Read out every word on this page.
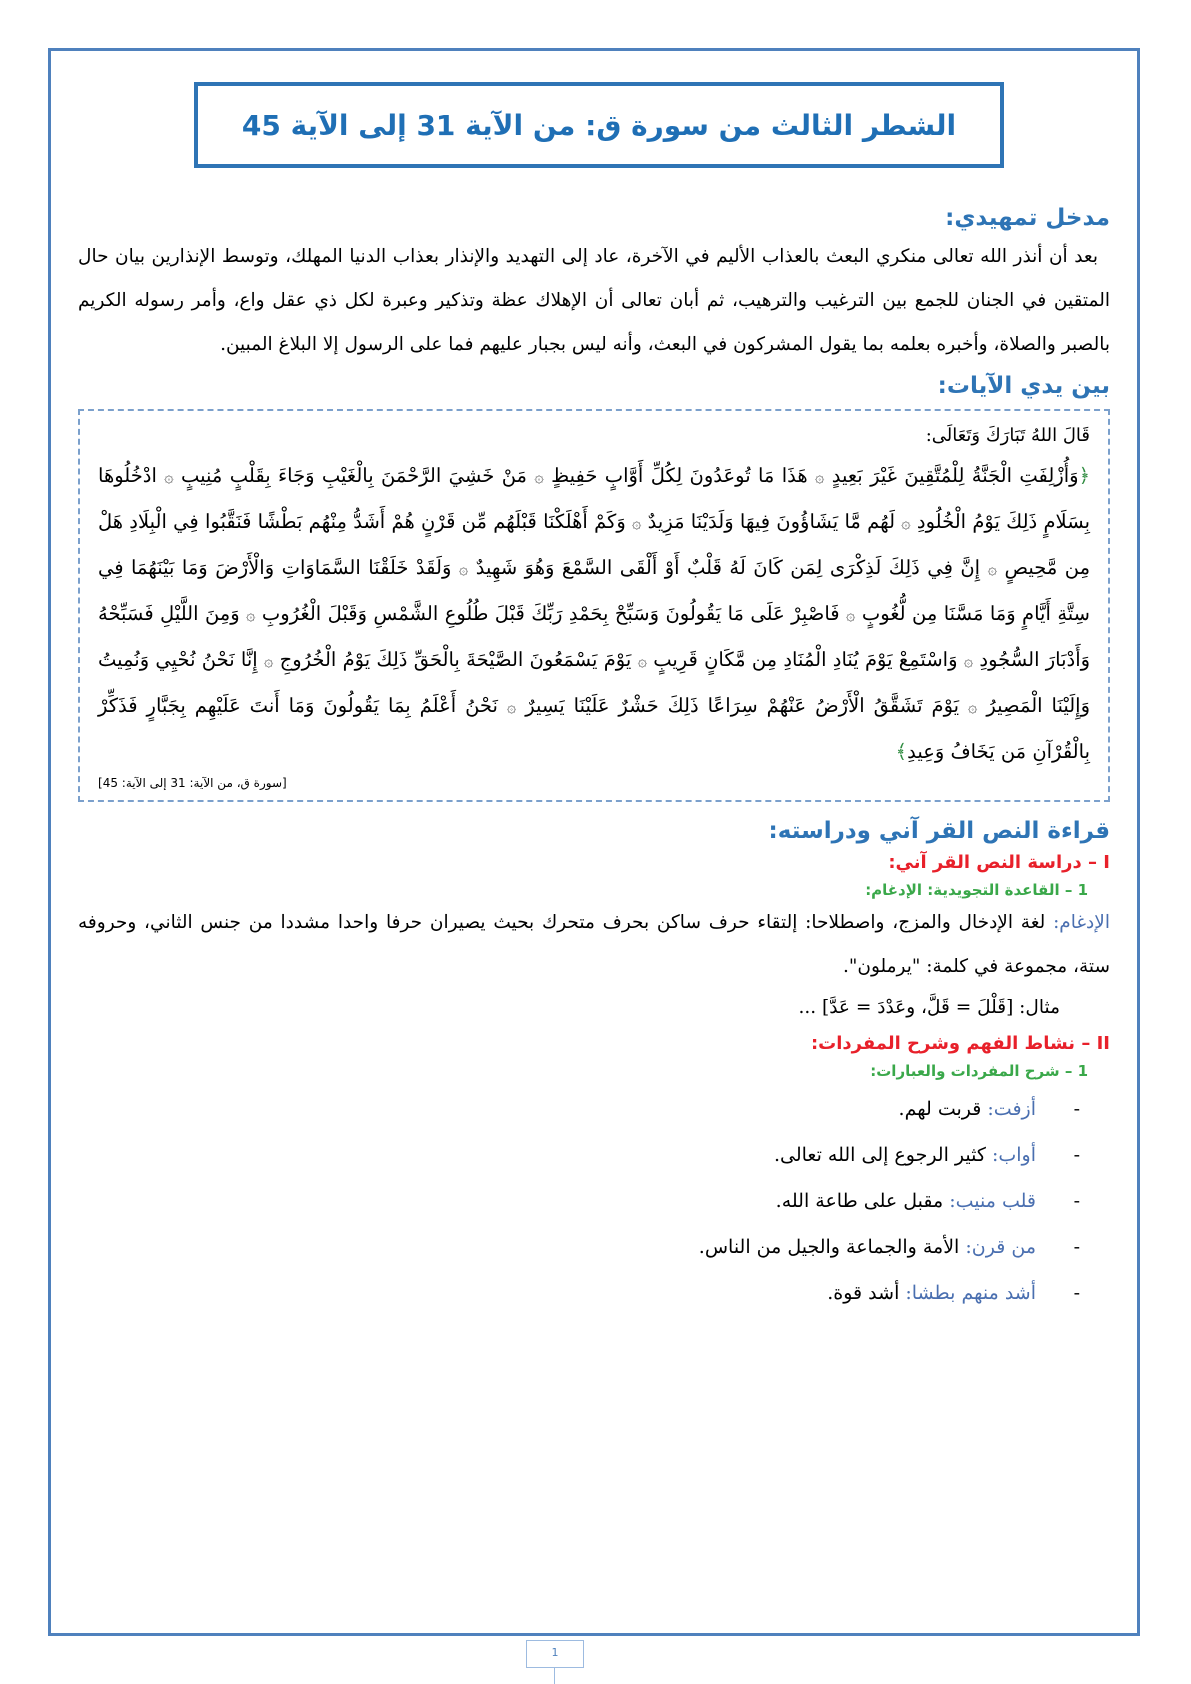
الشطر الثالث من سورة ق: من الآية 31 إلى الآية 45
مدخل تمهيدي:

بعد أن أنذر الله تعالى منكري البعث بالعذاب الأليم في الآخرة، عاد إلى التهديد والإنذار بعذاب الدنيا المهلك، وتوسط الإنذارين بيان حال المتقين في الجنان للجمع بين الترغيب والترهيب، ثم أبان تعالى أن الإهلاك عظة وتذكير وعبرة لكل ذي عقل واع، وأمر رسوله الكريم بالصبر والصلاة، وأخبره بعلمه بما يقول المشركون في البعث، وأنه ليس بجبار عليهم فما على الرسول إلا البلاغ المبين.

بين يدي الآيات:

قَالَ اللهُ تَبَارَكَ وَتَعَالَى:

﴿وَأُزْلِفَتِ الْجَنَّةُ لِلْمُتَّقِينَ غَيْرَ بَعِيدٍ ۞ هَذَا مَا تُوعَدُونَ لِكُلِّ أَوَّابٍ حَفِيظٍ ۞ مَنْ خَشِيَ الرَّحْمَنَ بِالْغَيْبِ وَجَاءَ بِقَلْبٍ مُنِيبٍ ۞ ادْخُلُوهَا بِسَلَامٍ ذَلِكَ يَوْمُ الْخُلُودِ ۞ لَهُم مَّا يَشَاؤُونَ فِيهَا وَلَدَيْنَا مَزِيدٌ ۞ وَكَمْ أَهْلَكْنَا قَبْلَهُم مِّن قَرْنٍ هُمْ أَشَدُّ مِنْهُم بَطْشًا فَنَقَّبُوا فِي الْبِلَادِ هَلْ مِن مَّحِيصٍ ۞ إِنَّ فِي ذَلِكَ لَذِكْرَى لِمَن كَانَ لَهُ قَلْبٌ أَوْ أَلْقَى السَّمْعَ وَهُوَ شَهِيدٌ ۞ وَلَقَدْ خَلَقْنَا السَّمَاوَاتِ وَالْأَرْضَ وَمَا بَيْنَهُمَا فِي سِتَّةِ أَيَّامٍ وَمَا مَسَّنَا مِن لُّغُوبٍ ۞ فَاصْبِرْ عَلَى مَا يَقُولُونَ وَسَبِّحْ بِحَمْدِ رَبِّكَ قَبْلَ طُلُوعِ الشَّمْسِ وَقَبْلَ الْغُرُوبِ ۞ وَمِنَ اللَّيْلِ فَسَبِّحْهُ وَأَدْبَارَ السُّجُودِ ۞ وَاسْتَمِعْ يَوْمَ يُنَادِ الْمُنَادِ مِن مَّكَانٍ قَرِيبٍ ۞ يَوْمَ يَسْمَعُونَ الصَّيْحَةَ بِالْحَقِّ ذَلِكَ يَوْمُ الْخُرُوجِ ۞ إِنَّا نَحْنُ نُحْيِي وَنُمِيتُ وَإِلَيْنَا الْمَصِيرُ ۞ يَوْمَ تَشَقَّقُ الْأَرْضُ عَنْهُمْ سِرَاعًا ذَلِكَ حَشْرٌ عَلَيْنَا يَسِيرٌ ۞ نَحْنُ أَعْلَمُ بِمَا يَقُولُونَ وَمَا أَنتَ عَلَيْهِم بِجَبَّارٍ فَذَكِّرْ بِالْقُرْآنِ مَن يَخَافُ وَعِيدِ﴾

[سورة ق، من الآية: 31 إلى الآية: 45]

قراءة النص القر آني ودراسته:
I – دراسة النص القر آني:
1 – القاعدة التجويدية: الإدغام:

الإدغام: لغة الإدخال والمزج، واصطلاحا: إلتقاء حرف ساكن بحرف متحرك بحيث يصيران حرفا واحدا مشددا من جنس الثاني، وحروفه ستة، مجموعة في كلمة: "يرملون".

مثال: [قَلْلَ = قَلَّ، وعَدْدَ = عَدَّ] ...

II – نشاط الفهم وشرح المفردات:
1 – شرح المفردات والعبارات:
-
أزفت:

قربت لهم.
-
أواب:

كثير الرجوع إلى الله تعالى.
-
قلب منيب:

مقبل على طاعة الله.
-
من قرن:

الأمة والجماعة والجيل من الناس.
-
أشد منهم بطشا:

أشد قوة.
1
